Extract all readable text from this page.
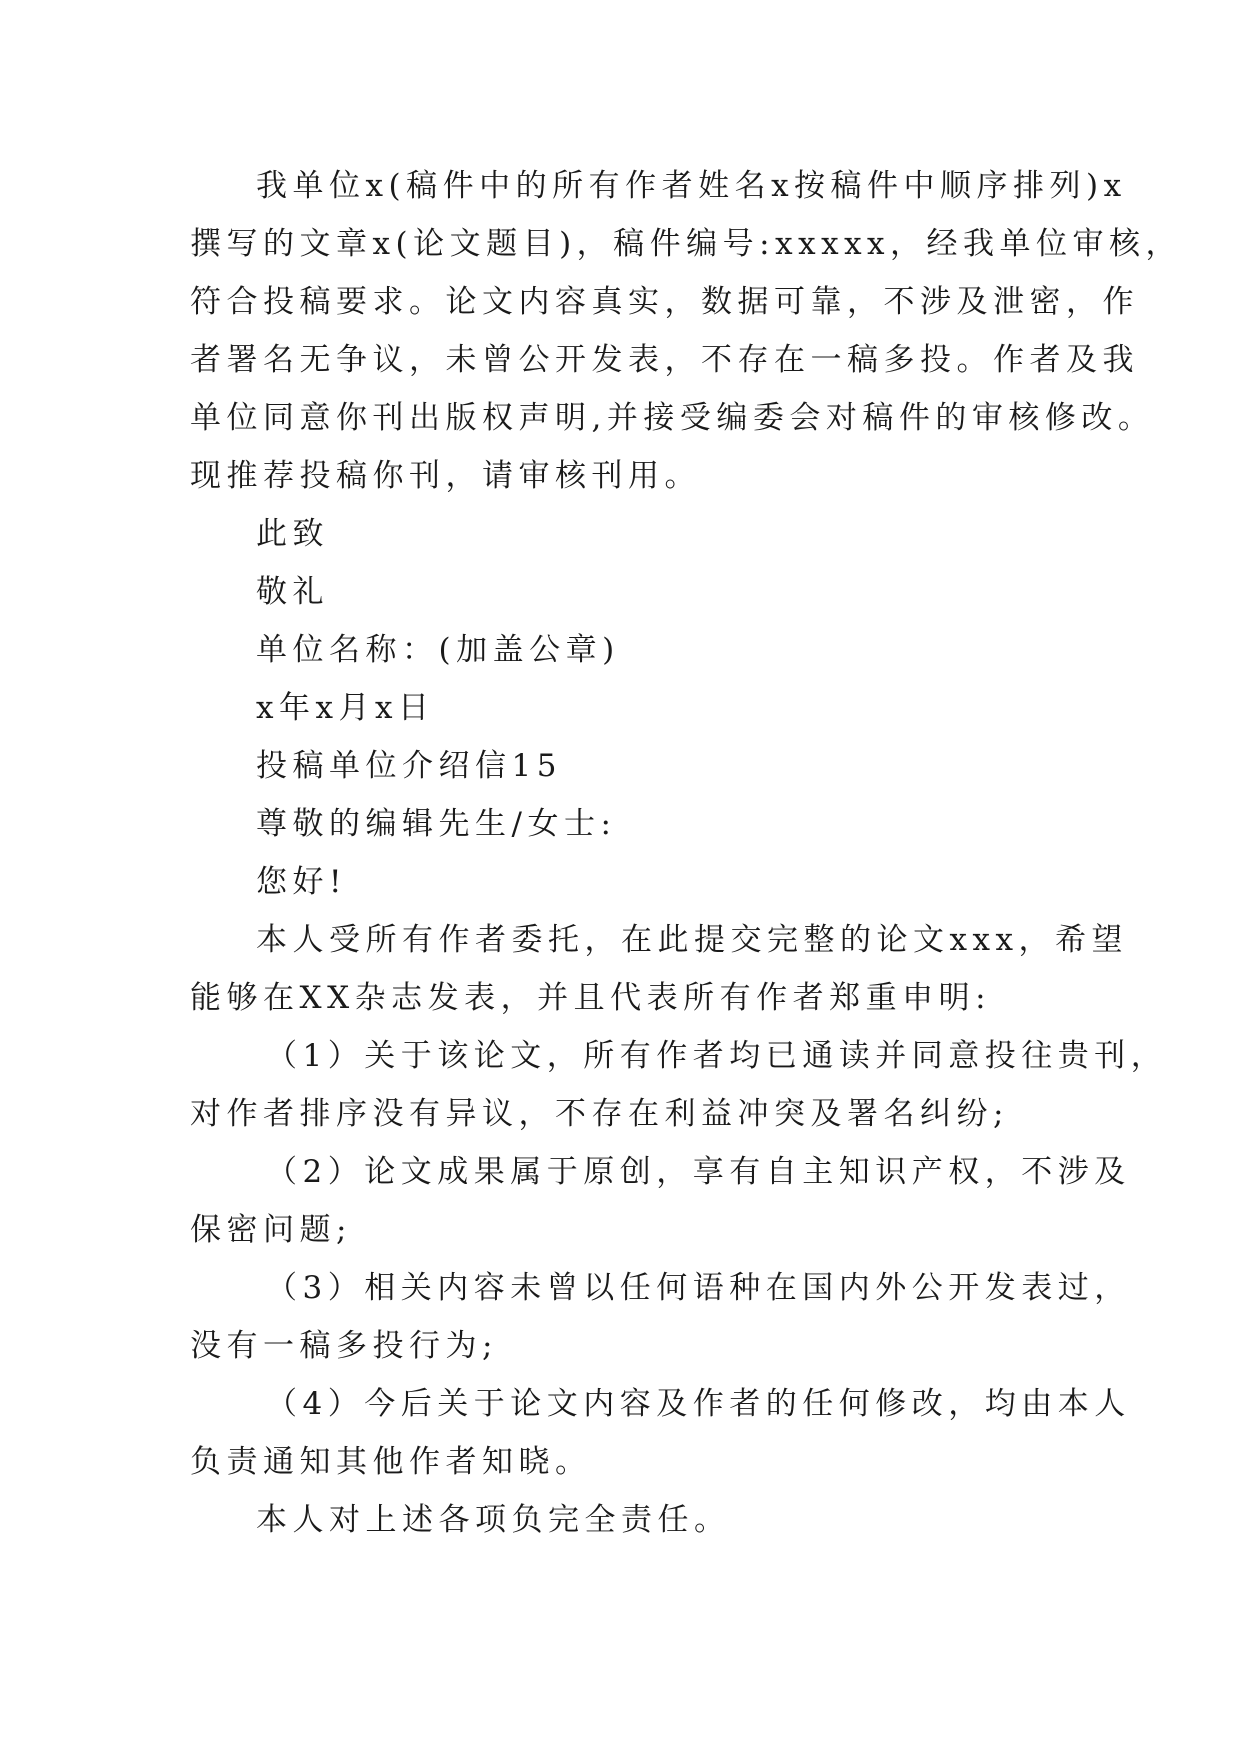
我单位x(稿件中的所有作者姓名x按稿件中顺序排列)x

撰写的文章x(论文题目)，稿件编号:xxxxx，经我单位审核，

符合投稿要求。论文内容真实，数据可靠，不涉及泄密，作

者署名无争议，未曾公开发表，不存在一稿多投。作者及我

单位同意你刊出版权声明,并接受编委会对稿件的审核修改。

现推荐投稿你刊，请审核刊用。

此致

敬礼

单位名称：(加盖公章)

x年x月x日

投稿单位介绍信15

尊敬的编辑先生/女士:

您好!

本人受所有作者委托，在此提交完整的论文xxx，希望

能够在XX杂志发表，并且代表所有作者郑重申明:

（1）关于该论文，所有作者均已通读并同意投往贵刊，

对作者排序没有异议，不存在利益冲突及署名纠纷;

（2）论文成果属于原创，享有自主知识产权，不涉及

保密问题;

（3）相关内容未曾以任何语种在国内外公开发表过，

没有一稿多投行为;

（4）今后关于论文内容及作者的任何修改，均由本人

负责通知其他作者知晓。

本人对上述各项负完全责任。
